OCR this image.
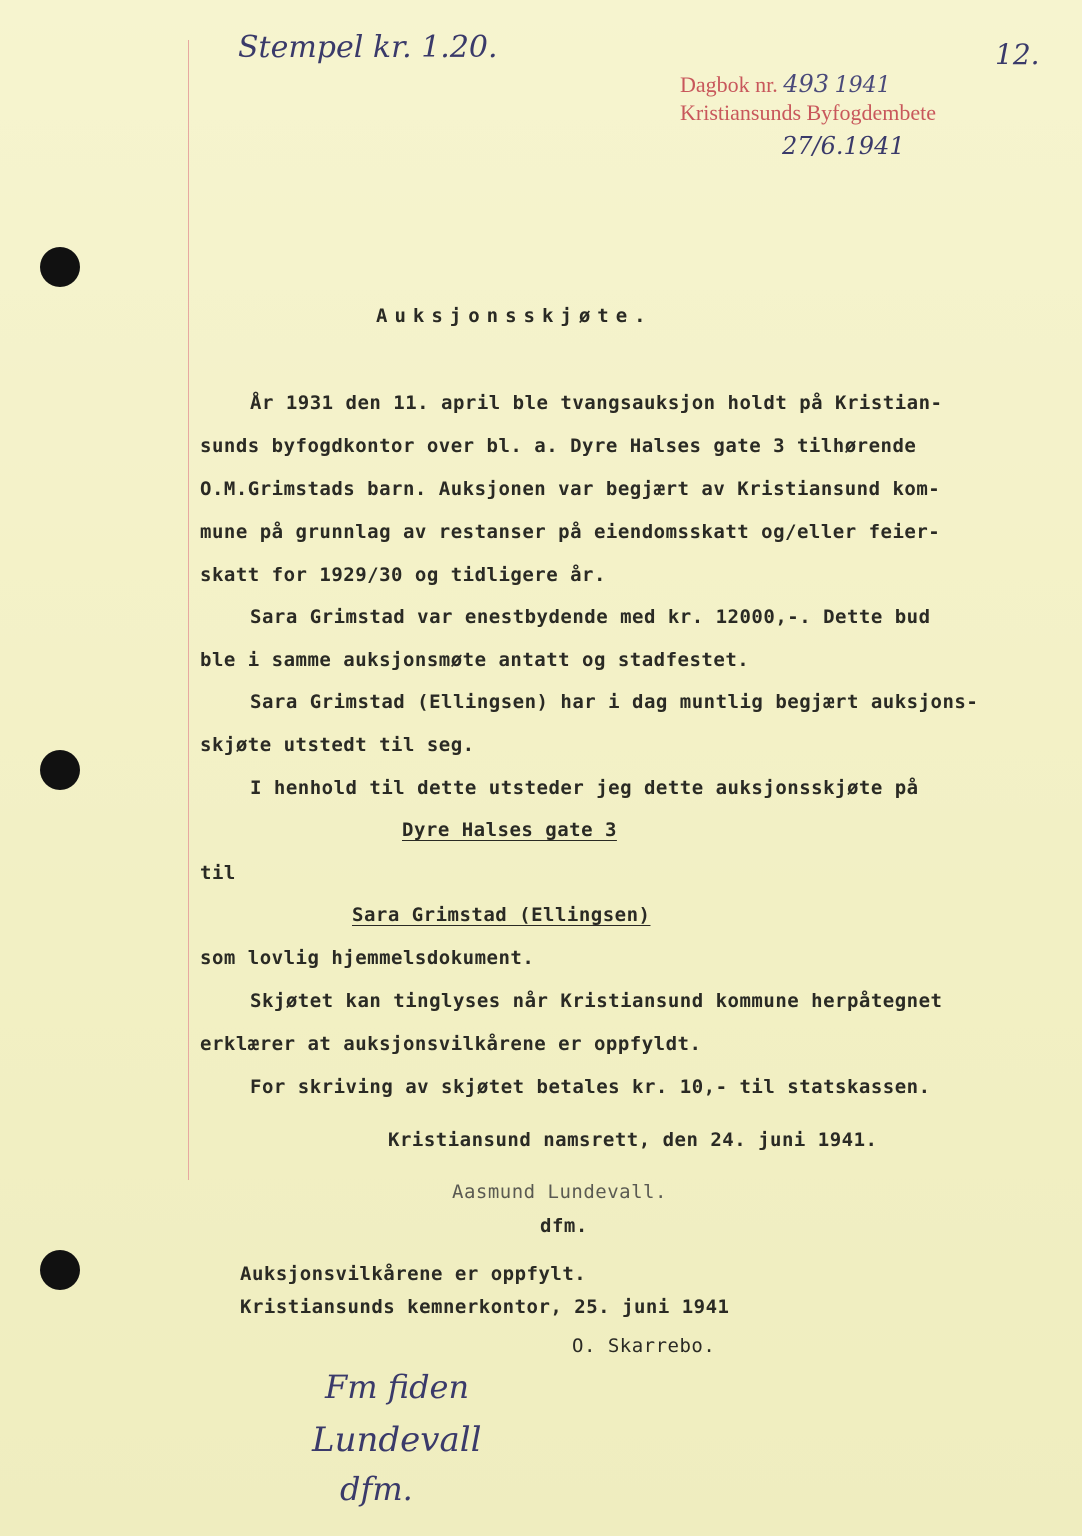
Stempel kr. 1.20.	12.
Dagbok nr. 493 1941
Kristiansunds Byfogdembete
27/6.1941
Auksjonsskjøte.
År 1931 den 11. april ble tvangsauksjon holdt på Kristian-
sunds byfogdkontor over bl. a. Dyre Halses gate 3 tilhørende
O.M.Grimstads barn. Auksjonen var begjært av Kristiansund kom-
mune på grunnlag av restanser på eiendomsskatt og/eller feier-
skatt for 1929/30 og tidligere år.
Sara Grimstad var enestbydende med kr. 12000,-. Dette bud
ble i samme auksjonsmøte antatt og stadfestet.
Sara Grimstad (Ellingsen) har i dag muntlig begjært auksjons-
skjøte utstedt til seg.
I henhold til dette utsteder jeg dette auksjonsskjøte på
Dyre Halses gate 3
til
Sara Grimstad (Ellingsen)
som lovlig hjemmelsdokument.
Skjøtet kan tinglyses når Kristiansund kommune herpåtegnet
erklærer at auksjonsvilkårene er oppfyldt.
For skriving av skjøtet betales kr. 10,- til statskassen.
Kristiansund namsrett, den 24. juni 1941.
Aasmund Lundevall.
dfm.
Auksjonsvilkårene er oppfylt.
Kristiansunds kemnerkontor, 25. juni 1941
O. Skarrebo.
Fm fiden
Lundevall
dfm.
